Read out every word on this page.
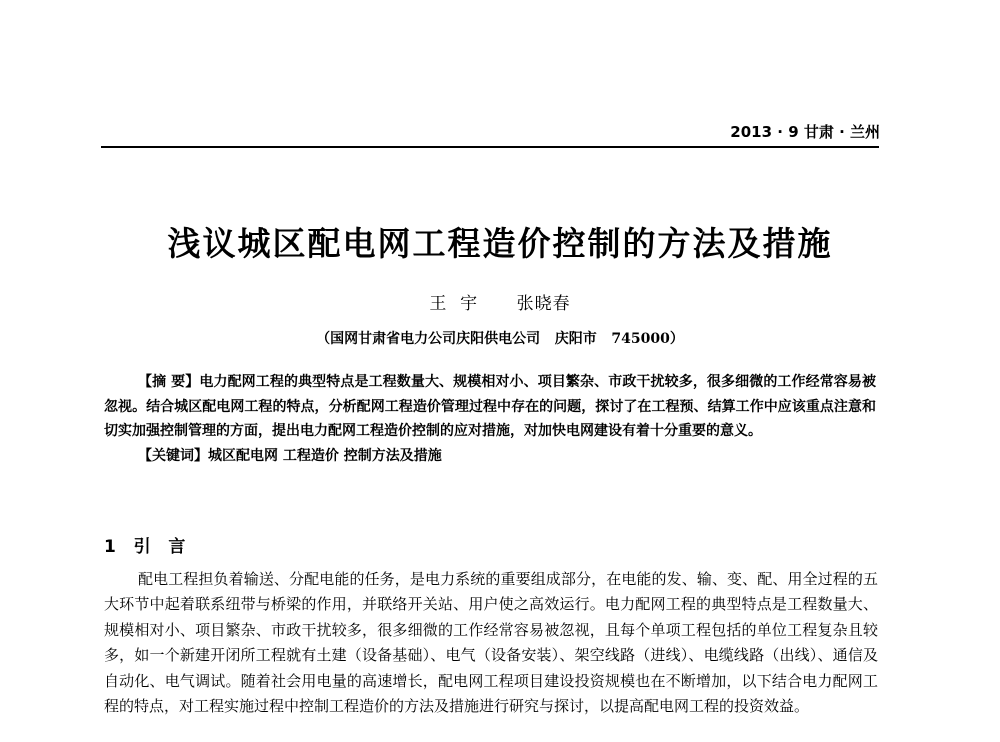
2013 · 9 甘肃 · 兰州
浅议城区配电网工程造价控制的方法及措施
王  宇      张晓春
（国网甘肃省电力公司庆阳供电公司   庆阳市   745000）

【摘 要】电力配网工程的典型特点是工程数量大、规模相对小、项目繁杂、市政干扰较多，很多细微的工作经常容易被忽视。结合城区配电网工程的特点，分析配网工程造价管理过程中存在的问题，探讨了在工程预、结算工作中应该重点注意和切实加强控制管理的方面，提出电力配网工程造价控制的应对措施，对加快电网建设有着十分重要的意义。

【关键词】城区配电网 工程造价 控制方法及措施

1   引   言

配电工程担负着输送、分配电能的任务，是电力系统的重要组成部分，在电能的发、输、变、配、用全过程的五大环节中起着联系纽带与桥梁的作用，并联络开关站、用户使之高效运行。电力配网工程的典型特点是工程数量大、规模相对小、项目繁杂、市政干扰较多，很多细微的工作经常容易被忽视，且每个单项工程包括的单位工程复杂且较多，如一个新建开闭所工程就有土建（设备基础）、电气（设备安装）、架空线路（进线）、电缆线路（出线）、通信及自动化、电气调试。随着社会用电量的高速增长，配电网工程项目建设投资规模也在不断增加，以下结合电力配网工程的特点，对工程实施过程中控制工程造价的方法及措施进行研究与探讨，以提高配电网工程的投资效益。
